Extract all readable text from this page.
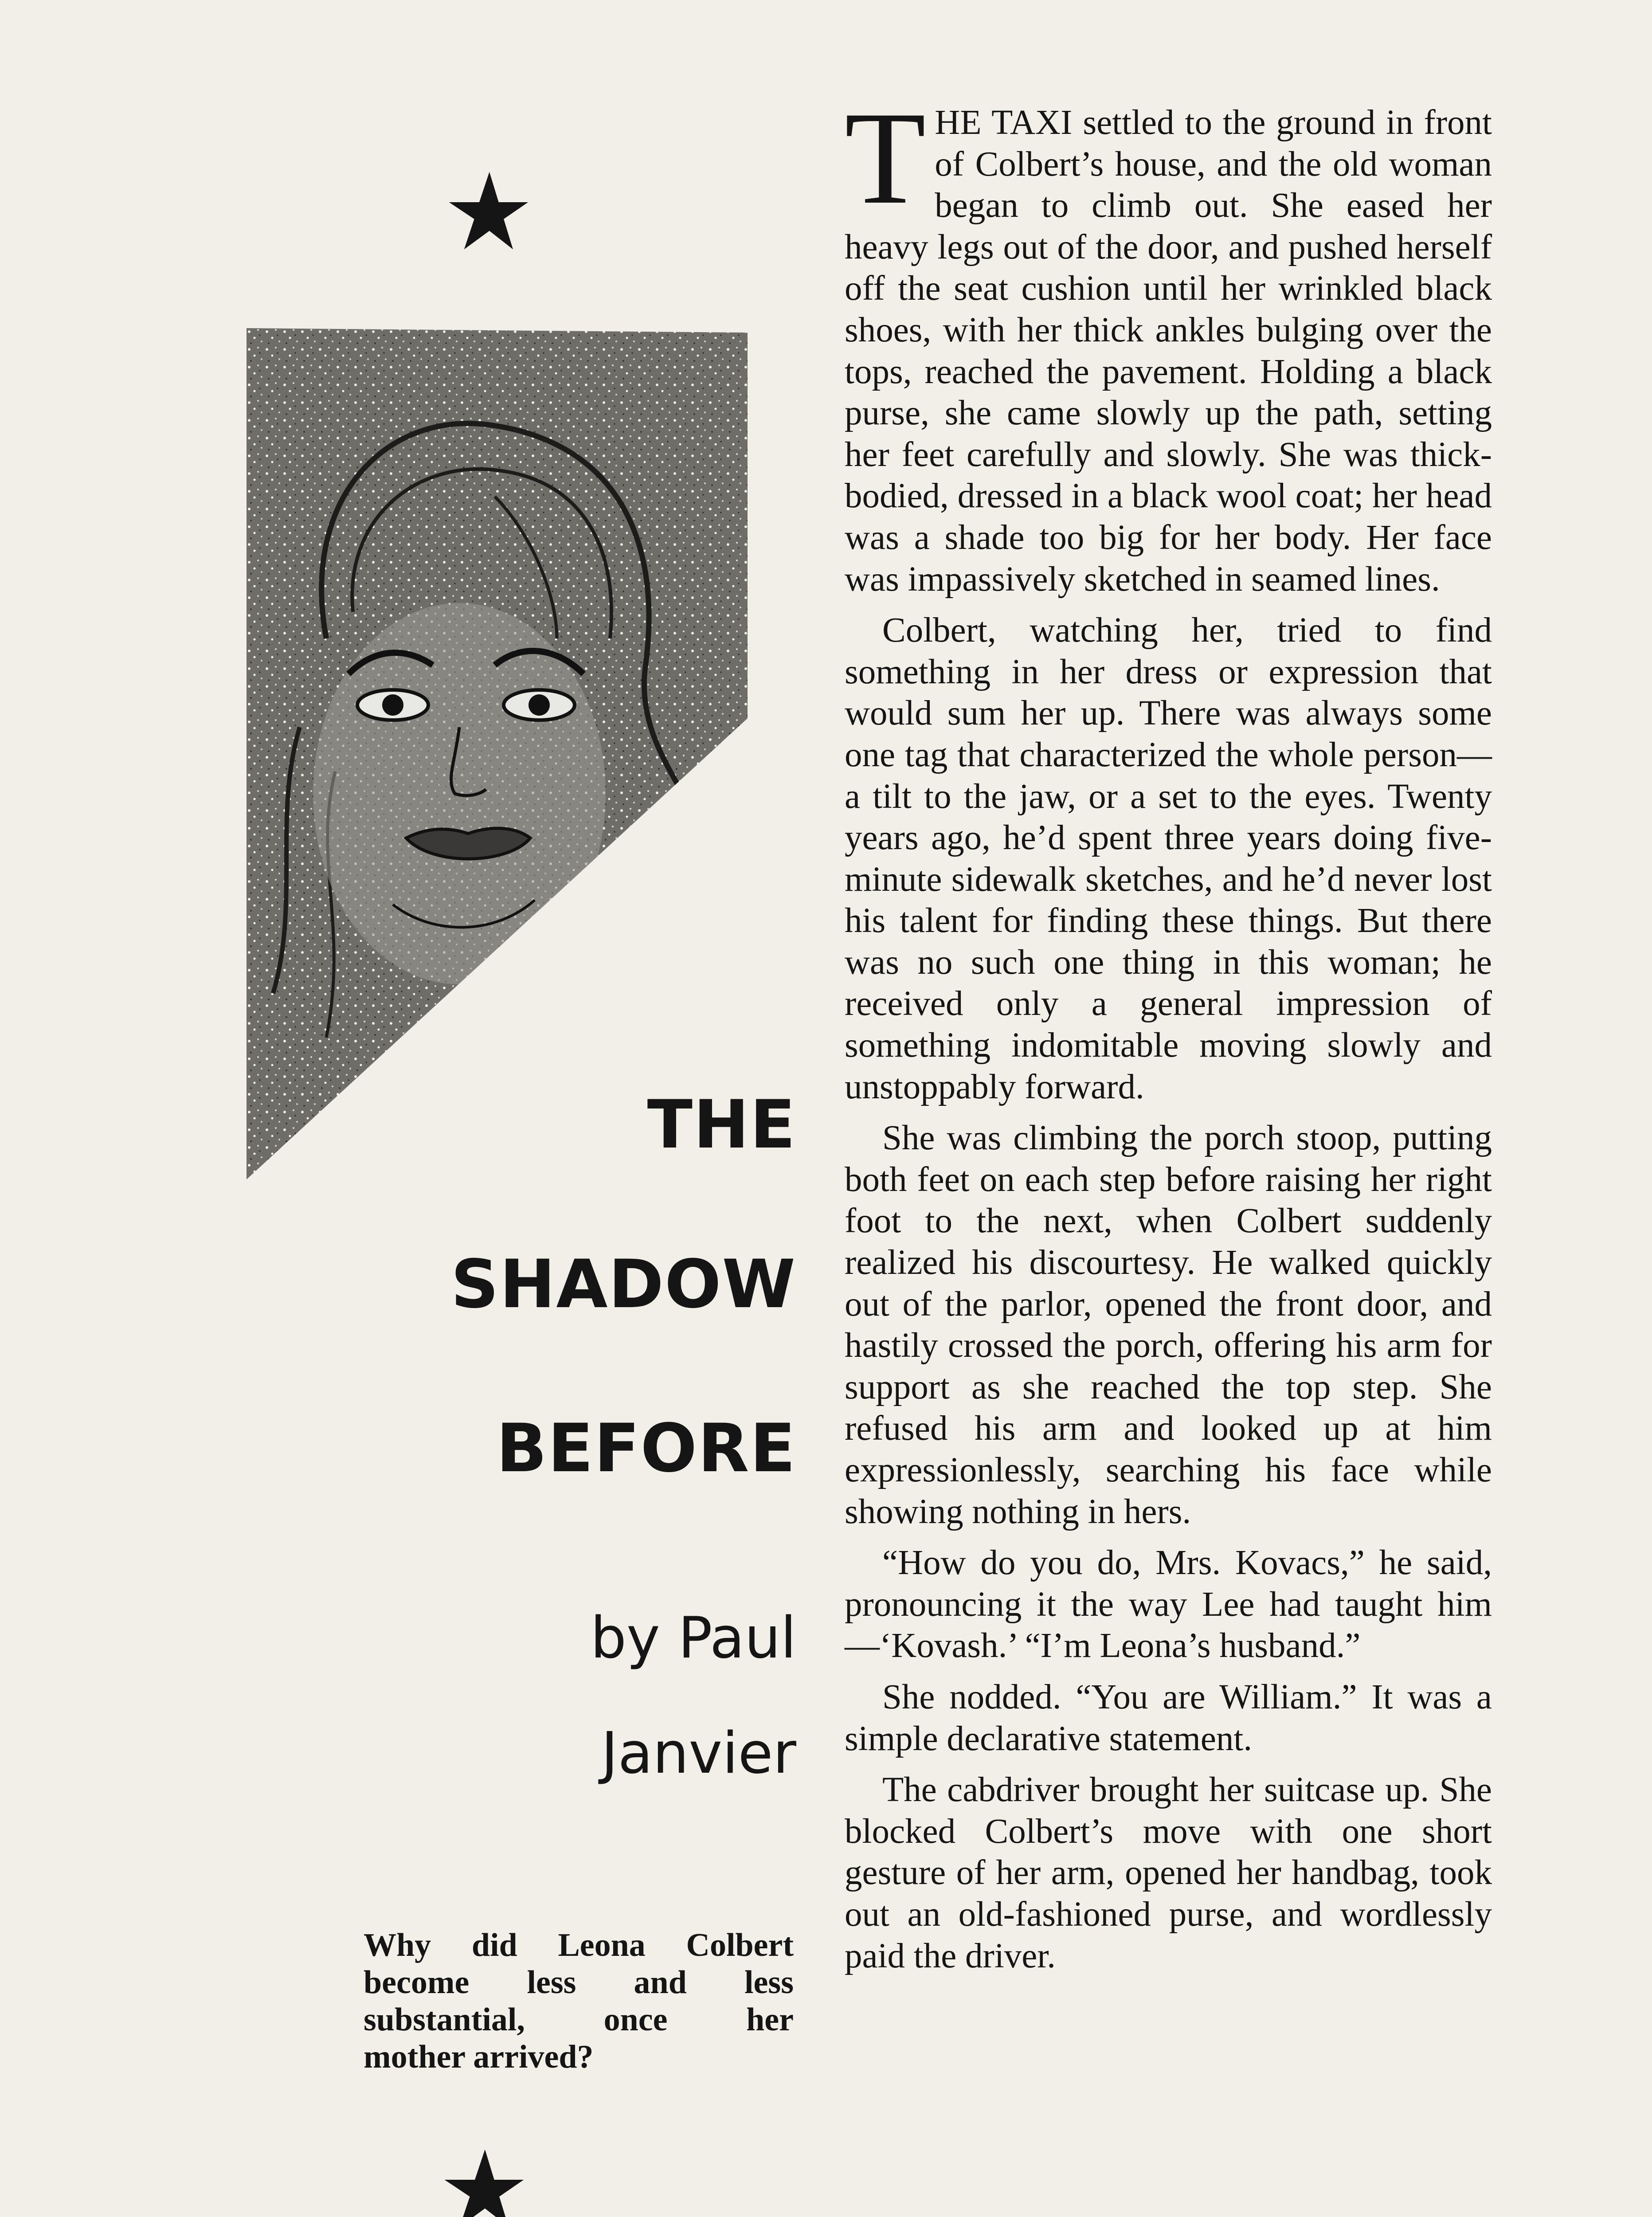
THE
SHADOW
BEFORE
by Paul
Janvier
Why did Leona Colbert
become less and less
substantial, once her
mother arrived?

THE TAXI settled to the ground in front of Colbert’s house, and the old woman began to climb out. She eased her heavy legs out of the door, and pushed herself off the seat cushion until her wrinkled black shoes, with her thick ankles bulging over the tops, reached the pavement. Holding a black purse, she came slowly up the path, setting her feet carefully and slowly. She was thick-bodied, dressed in a black wool coat; her head was a shade too big for her body. Her face was impassively sketched in seamed lines.

Colbert, watching her, tried to find something in her dress or expression that would sum her up. There was always some one tag that characterized the whole person—a tilt to the jaw, or a set to the eyes. Twenty years ago, he’d spent three years doing five-minute sidewalk sketches, and he’d never lost his talent for finding these things. But there was no such one thing in this woman; he received only a general impression of something indomitable moving slowly and unstoppably forward.

She was climbing the porch stoop, putting both feet on each step before raising her right foot to the next, when Colbert suddenly realized his discourtesy. He walked quickly out of the parlor, opened the front door, and hastily crossed the porch, offering his arm for support as she reached the top step. She refused his arm and looked up at him expressionlessly, searching his face while showing nothing in hers.

“How do you do, Mrs. Kovacs,” he said, pronouncing it the way Lee had taught him—‘Kovash.’ “I’m Leona’s husband.”

She nodded. “You are William.” It was a simple declarative statement.

The cabdriver brought her suitcase up. She blocked Colbert’s move with one short gesture of her arm, opened her handbag, took out an old-fashioned purse, and wordlessly paid the driver.
